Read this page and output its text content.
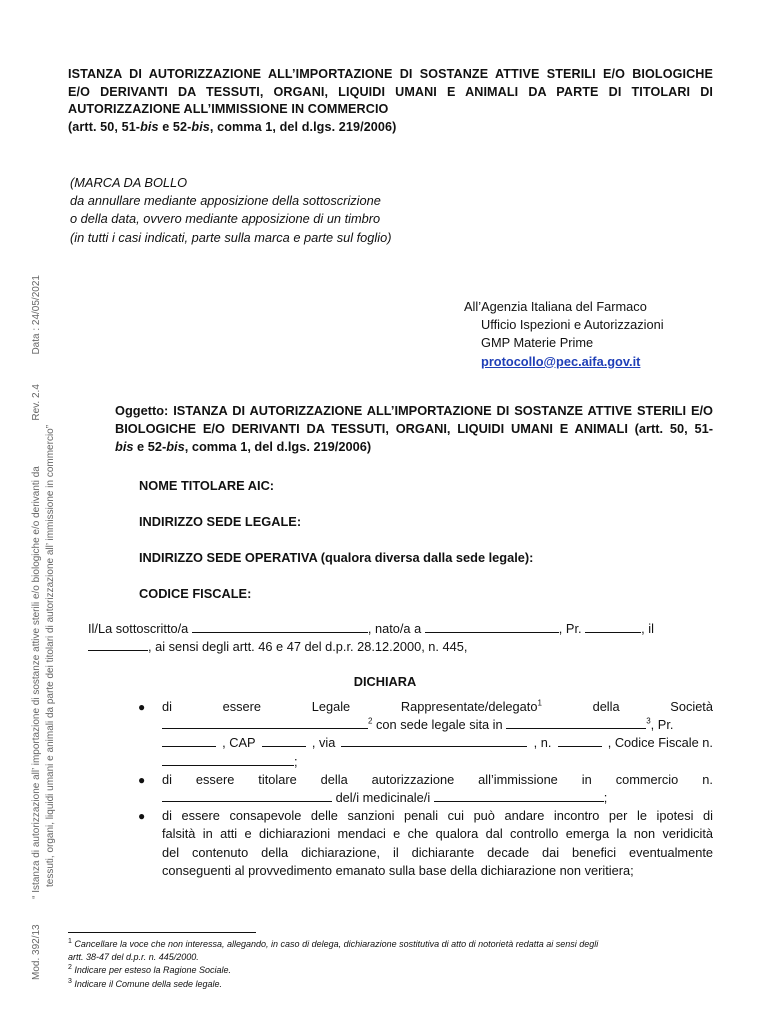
Mod. 392/13  “ Istanza di autorizzazione all’ importazione di sostanze attive sterili e/o biologiche e/o derivanti da  Rev. 2.4  Data : 24/05/2021
tessuti, organi, liquidi umani e animali da parte dei titolari di autorizzazione all’ immissione in commercio”
ISTANZA DI AUTORIZZAZIONE ALL’IMPORTAZIONE DI SOSTANZE ATTIVE STERILI E/O BIOLOGICHE
E/O DERIVANTI DA TESSUTI, ORGANI, LIQUIDI UMANI E ANIMALI DA PARTE DI TITOLARI DI
AUTORIZZAZIONE ALL’IMMISSIONE IN COMMERCIO
(artt. 50, 51-bis e 52-bis, comma 1, del d.lgs. 219/2006)
(MARCA DA BOLLO
da annullare mediante apposizione della sottoscrizione
o della data, ovvero mediante apposizione di un timbro
(in tutti i casi indicati, parte sulla marca e parte sul foglio)
All’Agenzia Italiana del Farmaco
Ufficio Ispezioni e Autorizzazioni
GMP Materie Prime
protocollo@pec.aifa.gov.it
Oggetto: ISTANZA DI AUTORIZZAZIONE ALL’IMPORTAZIONE DI SOSTANZE ATTIVE STERILI E/O
BIOLOGICHE E/O DERIVANTI DA TESSUTI, ORGANI, LIQUIDI UMANI E ANIMALI (artt. 50, 51-
bis e 52-bis, comma 1, del d.lgs. 219/2006)
NOME TITOLARE AIC:
INDIRIZZO SEDE LEGALE:
INDIRIZZO SEDE OPERATIVA (qualora diversa dalla sede legale):
CODICE FISCALE:
Il/La sottoscritto/a	, nato/a a	, Pr.	, il
, ai sensi degli artt. 46 e 47 del d.p.r. 28.12.2000, n. 445,
DICHIARA
● di	essere	Legale	Rappresentate/delegato$^1$	della	Società
$^2$ con sede legale sita in	$^3$, Pr.
, CAP	, via	, n.	, Codice Fiscale n.
;
● di essere titolare della autorizzazione all’immissione in commercio n.
del/i medicinale/i	;
● di essere consapevole delle sanzioni penali cui può andare incontro per le ipotesi di
falsità in atti e dichiarazioni mendaci e che qualora dal controllo emerga la non veridicità
del contenuto della dichiarazione, il dichiarante decade dai benefici eventualmente
conseguenti al provvedimento emanato sulla base della dichiarazione non veritiera;
$^1$ Cancellare la voce che non interessa, allegando, in caso di delega, dichiarazione sostitutiva di atto di notorietà redatta ai sensi degli
artt. 38-47 del d.p.r. n. 445/2000.
$^2$ Indicare per esteso la Ragione Sociale.
$^3$ Indicare il Comune della sede legale.
